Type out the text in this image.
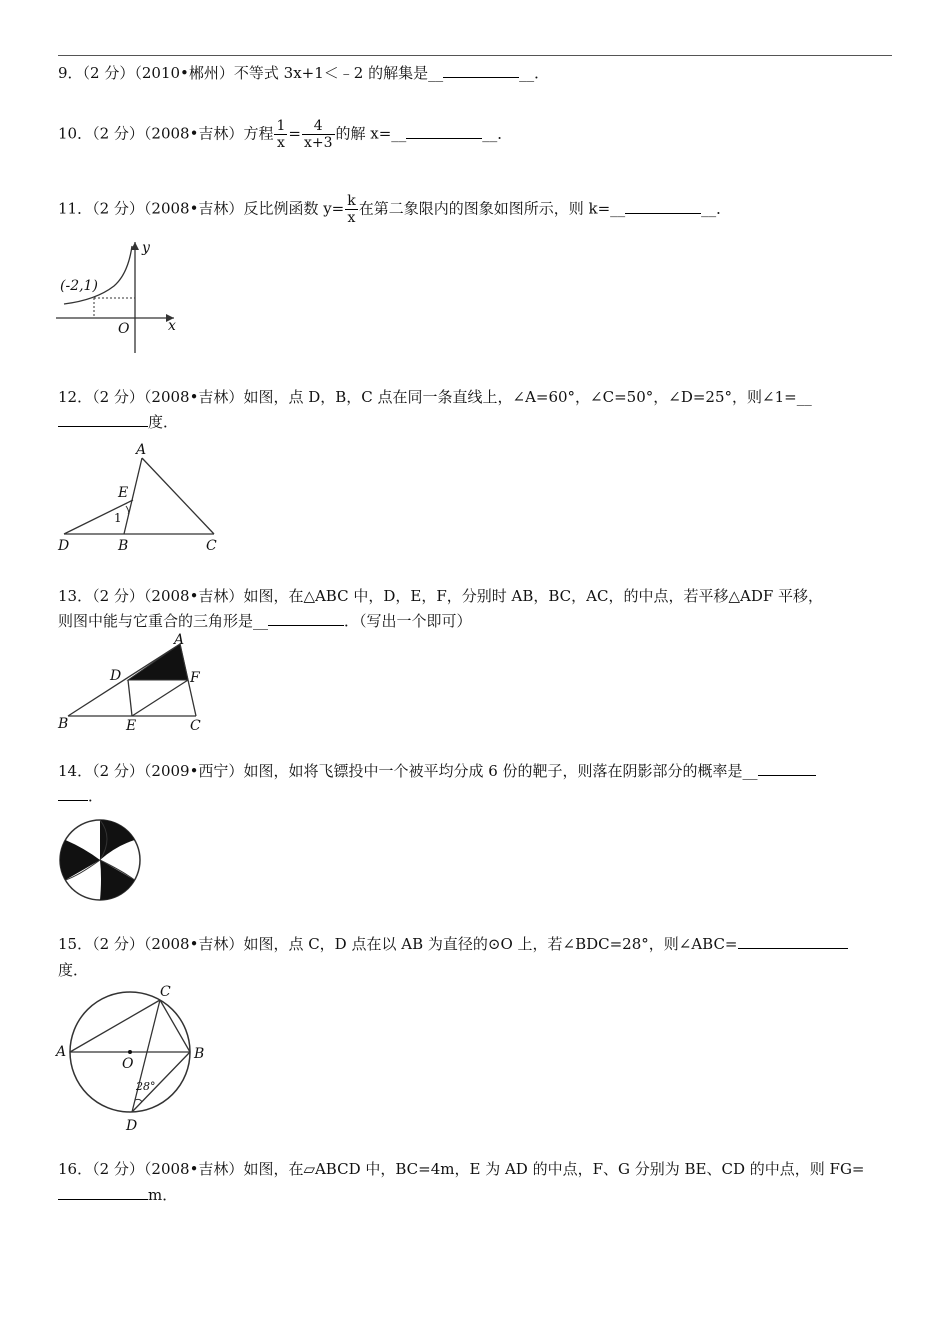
9．（2 分）（2010•郴州）不等式 3x+1＜﹣2 的解集是__	__．
10．（2 分）（2008•吉林）方程 $\frac{1}{x} = \frac{4}{x+3}$ 的解 x=__	__．
11．（2 分）（2008•吉林）反比例函数 $y= \frac{k}{x}$ 在第二象限内的图象如图所示，则 k=__	__．
(-2,1)
y
x
O
12．（2 分）（2008•吉林）如图，点 D，B，C 点在同一条直线上，∠A=60°，∠C=50°，∠D=25°，则∠1=__
度．
A
E
1
D	B	C
13．（2 分）（2008•吉林）如图，在△ABC 中，D，E，F，分别时 AB，BC，AC，的中点，若平移△ADF 平移，
则图中能与它重合的三角形是__	．（写出一个即可）
A
D	F
B	E	C
14．（2 分）（2009•西宁）如图，如将飞镖投中一个被平均分成 6 份的靶子，则落在阴影部分的概率是__
．
15．（2 分）（2008•吉林）如图，点 C，D 点在以 AB 为直径的⊙O 上，若∠BDC=28°，则∠ABC=
度．
A	B
C
O
D
28°
16．（2 分）（2008•吉林）如图，在▱ABCD 中，BC=4m，E 为 AD 的中点，F、G 分别为 BE、CD 的中点，则 FG=
m．
